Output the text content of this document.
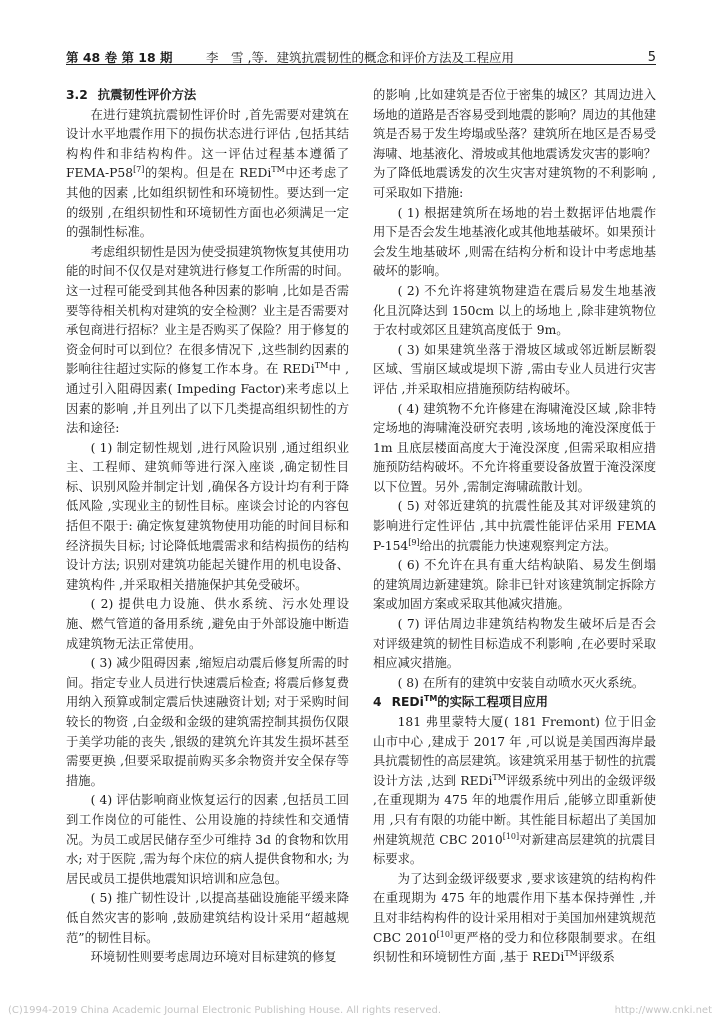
第 48 卷 第 18 期	李　雪 ,等．建筑抗震韧性的概念和评价方法及工程应用	5
3.2 抗震韧性评价方法

在进行建筑抗震韧性评价时 ,首先需要对建筑在设计水平地震作用下的损伤状态进行评估 ,包括其结构构件和非结构构件。这一评估过程基本遵循了 FEMA-P58[7]的架构。但是在 REDi™中还考虑了其他的因素 ,比如组织韧性和环境韧性。要达到一定的级别 ,在组织韧性和环境韧性方面也必须满足一定的强制性标准。

考虑组织韧性是因为使受损建筑物恢复其使用功能的时间不仅仅是对建筑进行修复工作所需的时间。这一过程可能受到其他各种因素的影响 ,比如是否需要等待相关机构对建筑的安全检测？业主是否需要对承包商进行招标？业主是否购买了保险？用于修复的资金何时可以到位？在很多情况下 ,这些制约因素的影响往往超过实际的修复工作本身。在 REDi™中 ,通过引入阻碍因素( Impeding Factor)来考虑以上因素的影响 ,并且列出了以下几类提高组织韧性的方法和途径:

( 1) 制定韧性规划 ,进行风险识别 ,通过组织业主、工程师、建筑师等进行深入座谈 ,确定韧性目标、识别风险并制定计划 ,确保各方设计均有利于降低风险 ,实现业主的韧性目标。座谈会讨论的内容包括但不限于: 确定恢复建筑物使用功能的时间目标和经济损失目标; 讨论降低地震需求和结构损伤的结构设计方法; 识别对建筑功能起关键作用的机电设备、建筑构件 ,并采取相关措施保护其免受破坏。

( 2) 提供电力设施、供水系统、污水处理设施、燃气管道的备用系统 ,避免由于外部设施中断造成建筑物无法正常使用。

( 3) 减少阻碍因素 ,缩短启动震后修复所需的时间。指定专业人员进行快速震后检查; 将震后修复费用纳入预算或制定震后快速融资计划; 对于采购时间较长的物资 ,白金级和金级的建筑需控制其损伤仅限于美学功能的丧失 ,银级的建筑允许其发生损坏甚至需要更换 ,但要采取提前购买多余物资并安全保存等措施。

( 4) 评估影响商业恢复运行的因素 ,包括员工回到工作岗位的可能性、公用设施的持续性和交通情况。为员工或居民储存至少可维持 3d 的食物和饮用水; 对于医院 ,需为每个床位的病人提供食物和水; 为居民或员工提供地震知识培训和应急包。

( 5) 推广韧性设计 ,以提高基础设施能平缓来降低自然灾害的影响 ,鼓励建筑结构设计采用“超越规范”的韧性目标。

环境韧性则要考虑周边环境对目标建筑的修复

的影响 ,比如建筑是否位于密集的城区？其周边进入场地的道路是否容易受到地震的影响？周边的其他建筑是否易于发生垮塌或坠落？建筑所在地区是否易受海啸、地基液化、滑坡或其他地震诱发灾害的影响？为了降低地震诱发的次生灾害对建筑物的不利影响 ,可采取如下措施:

( 1) 根据建筑所在场地的岩土数据评估地震作用下是否会发生地基液化或其他地基破坏。如果预计会发生地基破坏 ,则需在结构分析和设计中考虑地基破坏的影响。

( 2) 不允许将建筑物建造在震后易发生地基液化且沉降达到 150cm 以上的场地上 ,除非建筑物位于农村或郊区且建筑高度低于 9m。

( 3) 如果建筑坐落于滑坡区域或邻近断层断裂区域、雪崩区域或堤坝下游 ,需由专业人员进行灾害评估 ,并采取相应措施预防结构破坏。

( 4) 建筑物不允许修建在海啸淹没区域 ,除非特定场地的海啸淹没研究表明 ,该场地的淹没深度低于 1m 且底层楼面高度大于淹没深度 ,但需采取相应措施预防结构破坏。不允许将重要设备放置于淹没深度以下位置。另外 ,需制定海啸疏散计划。

( 5) 对邻近建筑的抗震性能及其对评级建筑的影响进行定性评估 ,其中抗震性能评估采用 FEMA P-154[9]给出的抗震能力快速观察判定方法。

( 6) 不允许在具有重大结构缺陷、易发生倒塌的建筑周边新建建筑。除非已针对该建筑制定拆除方案或加固方案或采取其他减灾措施。

( 7) 评估周边非建筑结构物发生破坏后是否会对评级建筑的韧性目标造成不利影响 ,在必要时采取相应减灾措施。

( 8) 在所有的建筑中安装自动喷水灭火系统。

4 REDi™的实际工程项目应用

181 弗里蒙特大厦( 181 Fremont) 位于旧金山市中心 ,建成于 2017 年 ,可以说是美国西海岸最具抗震韧性的高层建筑。该建筑采用基于韧性的抗震设计方法 ,达到 REDi™评级系统中列出的金级评级 ,在重现期为 475 年的地震作用后 ,能够立即重新使用 ,只有有限的功能中断。其性能目标超出了美国加州建筑规范 CBC 2010[10]对新建高层建筑的抗震目标要求。

为了达到金级评级要求 ,要求该建筑的结构构件在重现期为 475 年的地震作用下基本保持弹性 ,并且对非结构构件的设计采用相对于美国加州建筑规范 CBC 2010[10]更严格的受力和位移限制要求。在组织韧性和环境韧性方面 ,基于 REDi™评级系

(C)1994-2019 China Academic Journal Electronic Publishing House. All rights reserved.	http://www.cnki.net
